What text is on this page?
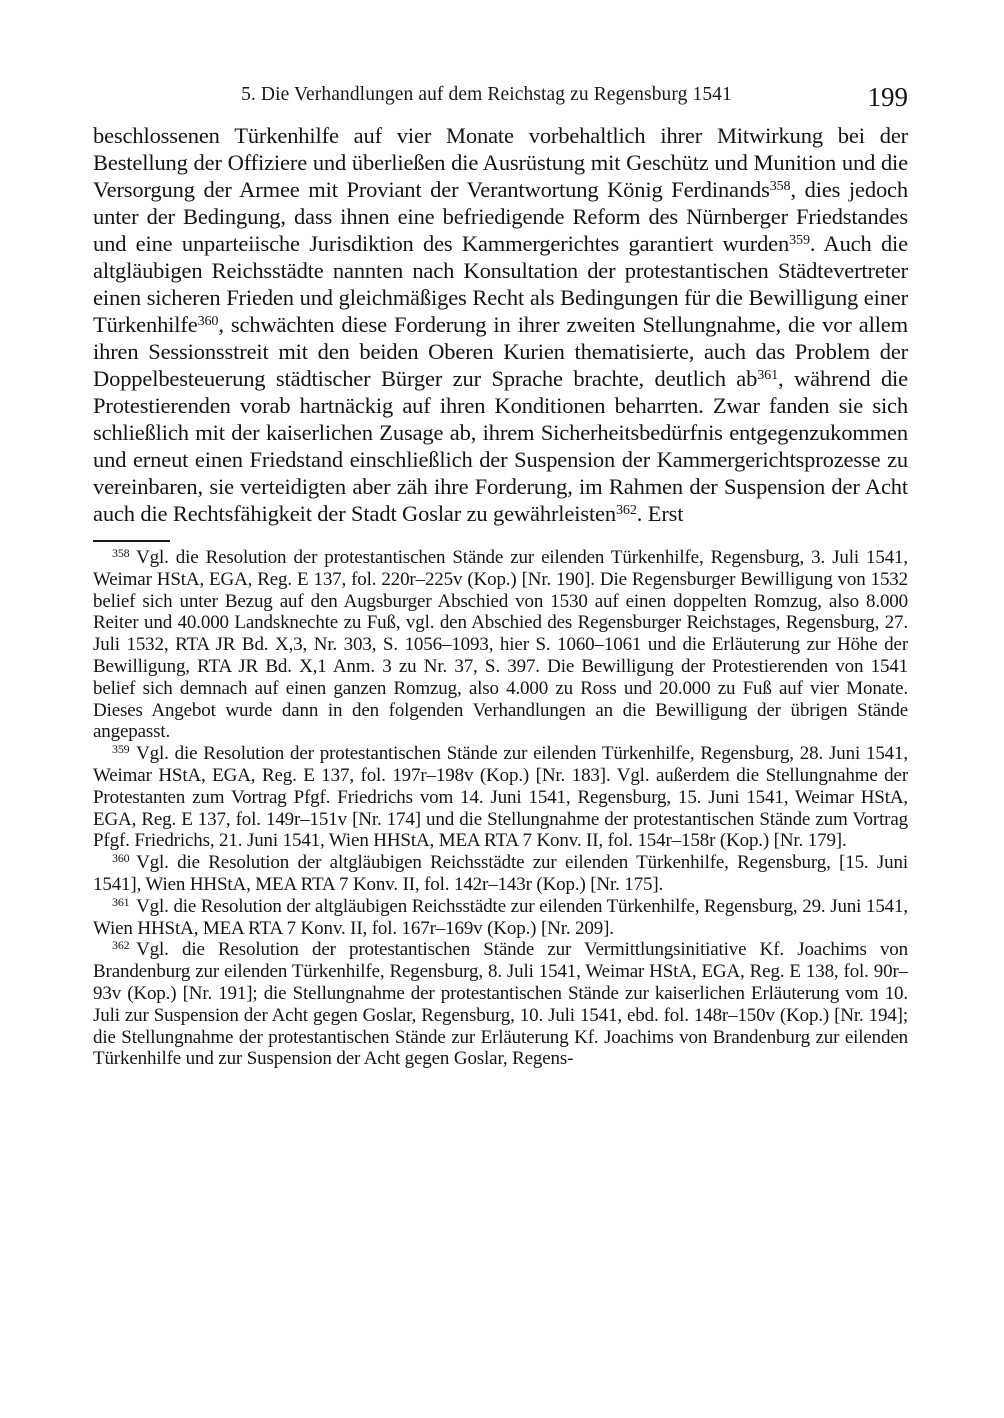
5. Die Verhandlungen auf dem Reichstag zu Regensburg 1541	199

beschlossenen Türkenhilfe auf vier Monate vorbehaltlich ihrer Mitwirkung bei der Bestellung der Offiziere und überließen die Ausrüstung mit Geschütz und Munition und die Versorgung der Armee mit Proviant der Verantwortung König Ferdinands$^{358}$, dies jedoch unter der Bedingung, dass ihnen eine befriedigende Reform des Nürnberger Friedstandes und eine unparteiische Jurisdiktion des Kammergerichtes garantiert wurden$^{359}$. Auch die altgläubigen Reichsstädte nannten nach Konsultation der protestantischen Städtevertreter einen sicheren Frieden und gleichmäßiges Recht als Bedingungen für die Bewilligung einer Türkenhilfe$^{360}$, schwächten diese Forderung in ihrer zweiten Stellungnahme, die vor allem ihren Sessionsstreit mit den beiden Oberen Kurien thematisierte, auch das Problem der Doppelbesteuerung städtischer Bürger zur Sprache brachte, deutlich $ab^{361}$, während die Protestierenden vorab hartnäckig auf ihren Konditionen beharrten. Zwar fanden sie sich schließlich mit der kaiserlichen Zusage ab, ihrem Sicherheitsbedürfnis entgegenzukommen und erneut einen Friedstand einschließlich der Suspension der Kammergerichtsprozesse zu vereinbaren, sie verteidigten aber zäh ihre Forderung, im Rahmen der Suspension der Acht auch die Rechtsfähigkeit der Stadt Goslar zu gewährleisten$^{362}$. Erst

$^{358}$ Vgl. die Resolution der protestantischen Stände zur eilenden Türkenhilfe, Regensburg, 3. Juli 1541, Weimar HStA, EGA, Reg. E 137, fol. 220r–225v (Kop.) [Nr. 190]. Die Regensburger Bewilligung von 1532 belief sich unter Bezug auf den Augsburger Abschied von 1530 auf einen doppelten Romzug, also 8.000 Reiter und 40.000 Landsknechte zu Fuß, vgl. den Abschied des Regensburger Reichstages, Regensburg, 27. Juli 1532, RTA JR Bd. X,3, Nr. 303, S. 1056–1093, hier S. 1060–1061 und die Erläuterung zur Höhe der Bewilligung, RTA JR Bd. X,1 Anm. 3 zu Nr. 37, S. 397. Die Bewilligung der Protestierenden von 1541 belief sich demnach auf einen ganzen Romzug, also 4.000 zu Ross und 20.000 zu Fuß auf vier Monate. Dieses Angebot wurde dann in den folgenden Verhandlungen an die Bewilligung der übrigen Stände angepasst.

$^{359}$ Vgl. die Resolution der protestantischen Stände zur eilenden Türkenhilfe, Regensburg, 28. Juni 1541, Weimar HStA, EGA, Reg. E 137, fol. 197r–198v (Kop.) [Nr. 183]. Vgl. außerdem die Stellungnahme der Protestanten zum Vortrag Pfgf. Friedrichs vom 14. Juni 1541, Regensburg, 15. Juni 1541, Weimar HStA, EGA, Reg. E 137, fol. 149r–151v [Nr. 174] und die Stellungnahme der protestantischen Stände zum Vortrag Pfgf. Friedrichs, 21. Juni 1541, Wien HHStA, MEA RTA 7 Konv. II, fol. 154r–158r (Kop.) [Nr. 179].

$^{360}$ Vgl. die Resolution der altgläubigen Reichsstädte zur eilenden Türkenhilfe, Regensburg, [15. Juni 1541], Wien HHStA, MEA RTA 7 Konv. II, fol. 142r–143r (Kop.) [Nr. 175].

$^{361}$ Vgl. die Resolution der altgläubigen Reichsstädte zur eilenden Türkenhilfe, Regensburg, 29. Juni 1541, Wien HHStA, MEA RTA 7 Konv. II, fol. 167r–169v (Kop.) [Nr. 209].

$^{362}$ Vgl. die Resolution der protestantischen Stände zur Vermittlungsinitiative Kf. Joachims von Brandenburg zur eilenden Türkenhilfe, Regensburg, 8. Juli 1541, Weimar HStA, EGA, Reg. E 138, fol. 90r–93v (Kop.) [Nr. 191]; die Stellungnahme der protestantischen Stände zur kaiserlichen Erläuterung vom 10. Juli zur Suspension der Acht gegen Goslar, Regensburg, 10. Juli 1541, ebd. fol. 148r–150v (Kop.) [Nr. 194]; die Stellungnahme der protestantischen Stände zur Erläuterung Kf. Joachims von Brandenburg zur eilenden Türkenhilfe und zur Suspension der Acht gegen Goslar, Regens-
